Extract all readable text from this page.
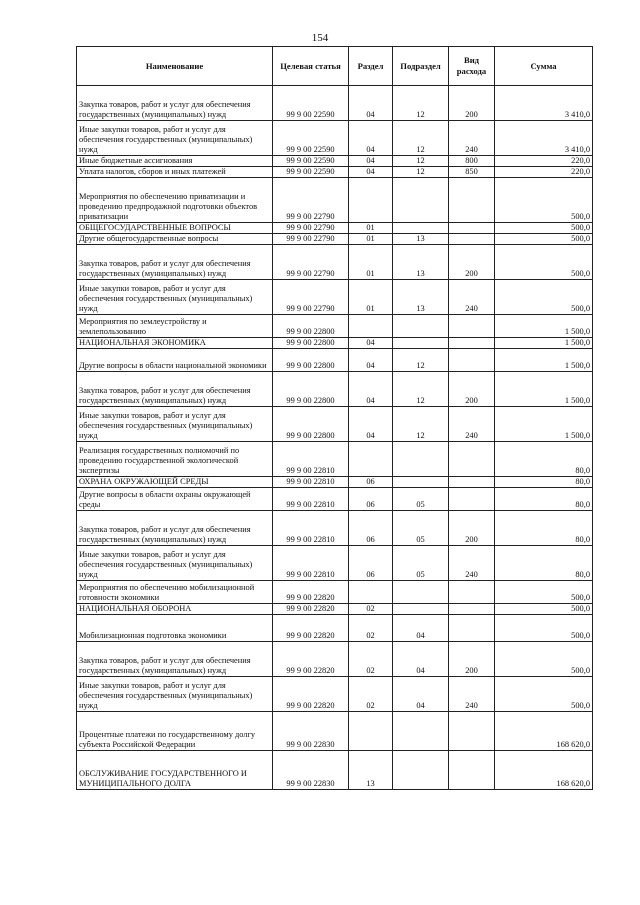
154
Наименование	Целевая статья	Раздел	Подраздел	Вид расхода	Сумма
Закупка товаров, работ и услуг для обеспечения государственных (муниципальных) нужд	99 9 00 22590	04	12	200	3 410,0
Иные закупки товаров, работ и услуг для обеспечения государственных (муниципальных) нужд	99 9 00 22590	04	12	240	3 410,0
Иные бюджетные ассигнования	99 9 00 22590	04	12	800	220,0
Уплата налогов, сборов и иных платежей	99 9 00 22590	04	12	850	220,0
Мероприятия по обеспечению приватизации и проведению предпродажной подготовки объектов приватизации	99 9 00 22790				500,0
ОБЩЕГОСУДАРСТВЕННЫЕ ВОПРОСЫ	99 9 00 22790	01			500,0
Другие общегосударственные вопросы	99 9 00 22790	01	13		500,0
Закупка товаров, работ и услуг для обеспечения государственных (муниципальных) нужд	99 9 00 22790	01	13	200	500,0
Иные закупки товаров, работ и услуг для обеспечения государственных (муниципальных) нужд	99 9 00 22790	01	13	240	500,0
Мероприятия по землеустройству и землепользованию	99 9 00 22800				1 500,0
НАЦИОНАЛЬНАЯ ЭКОНОМИКА	99 9 00 22800	04			1 500,0
Другие вопросы в области национальной экономики	99 9 00 22800	04	12		1 500,0
Закупка товаров, работ и услуг для обеспечения государственных (муниципальных) нужд	99 9 00 22800	04	12	200	1 500,0
Иные закупки товаров, работ и услуг для обеспечения государственных (муниципальных) нужд	99 9 00 22800	04	12	240	1 500,0
Реализация государственных полномочий по проведению государственной экологической экспертизы	99 9 00 22810				80,0
ОХРАНА ОКРУЖАЮЩЕЙ СРЕДЫ	99 9 00 22810	06			80,0
Другие вопросы в области охраны окружающей среды	99 9 00 22810	06	05		80,0
Закупка товаров, работ и услуг для обеспечения государственных (муниципальных) нужд	99 9 00 22810	06	05	200	80,0
Иные закупки товаров, работ и услуг для обеспечения государственных (муниципальных) нужд	99 9 00 22810	06	05	240	80,0
Мероприятия по обеспечению мобилизационной готовности экономики	99 9 00 22820				500,0
НАЦИОНАЛЬНАЯ ОБОРОНА	99 9 00 22820	02			500,0
Мобилизационная подготовка экономики	99 9 00 22820	02	04		500,0
Закупка товаров, работ и услуг для обеспечения государственных (муниципальных) нужд	99 9 00 22820	02	04	200	500,0
Иные закупки товаров, работ и услуг для обеспечения государственных (муниципальных) нужд	99 9 00 22820	02	04	240	500,0
Процентные платежи по государственному долгу субъекта Российской Федерации	99 9 00 22830				168 620,0
ОБСЛУЖИВАНИЕ ГОСУДАРСТВЕННОГО И МУНИЦИПАЛЬНОГО ДОЛГА	99 9 00 22830	13			168 620,0
